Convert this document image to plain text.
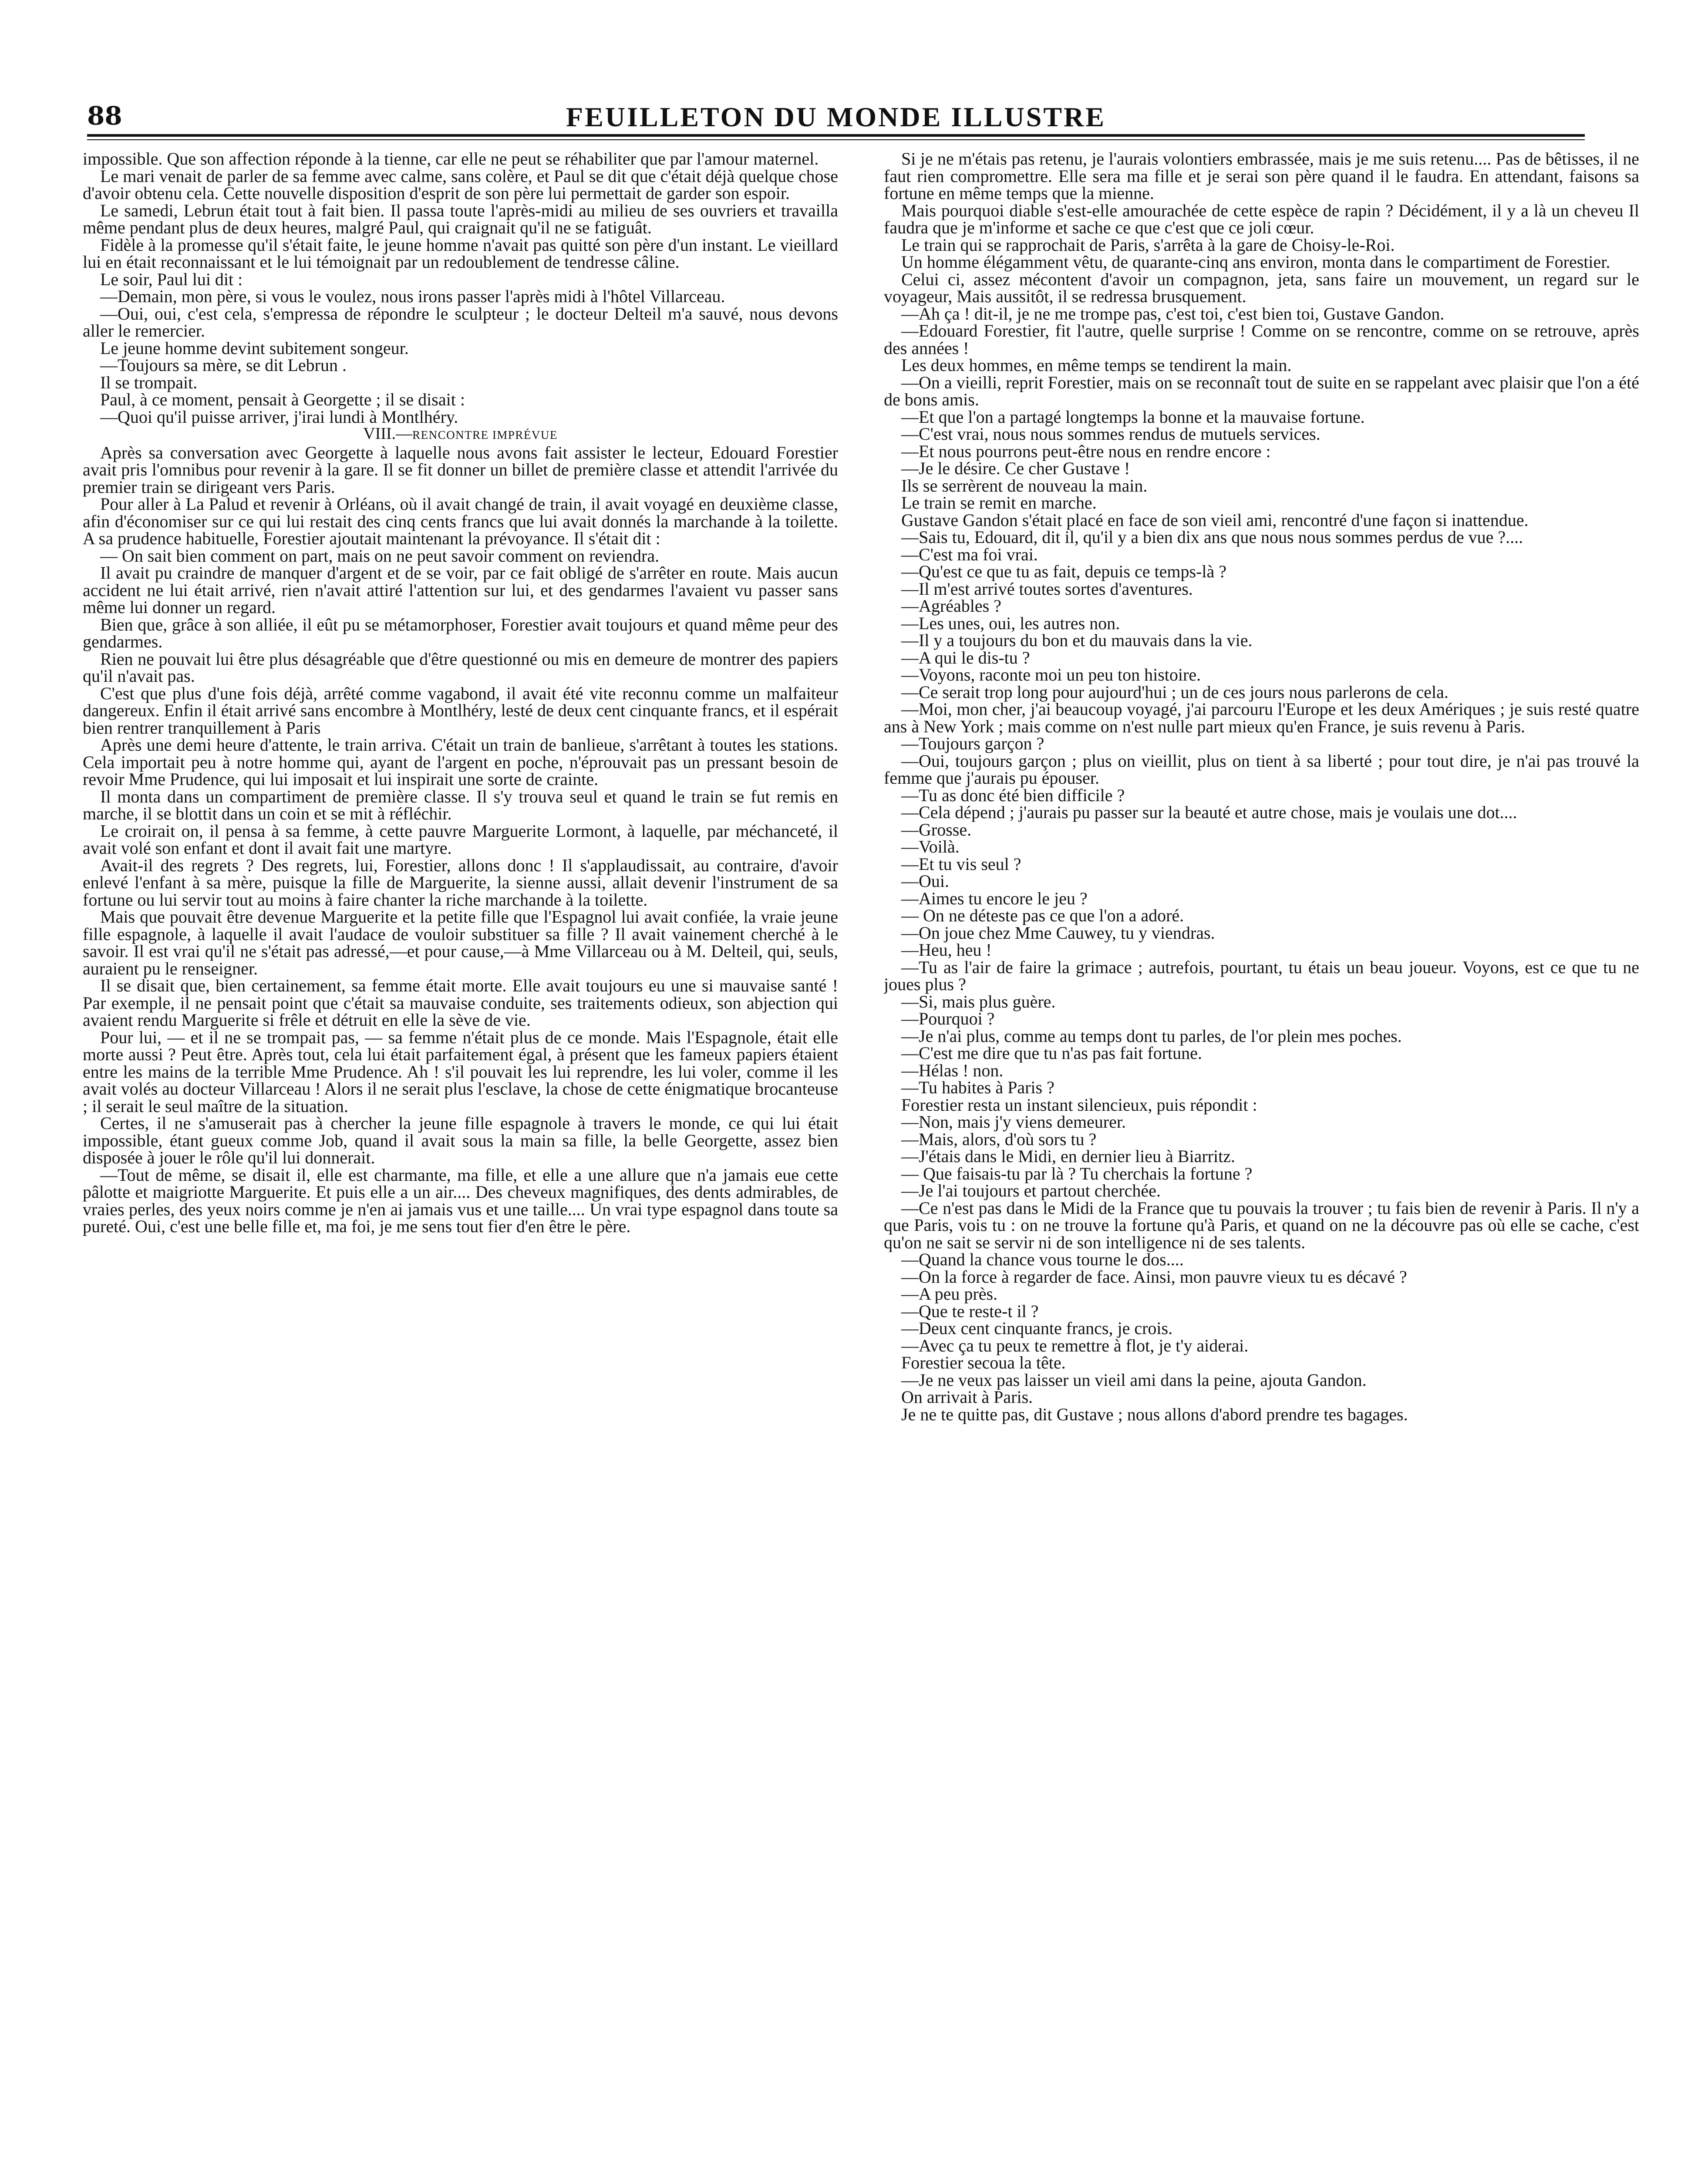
88	FEUILLETON DU MONDE ILLUSTRE

impossible. Que son affection réponde à la tienne, car elle ne peut se réhabiliter que par l'amour maternel.

Le mari venait de parler de sa femme avec calme, sans colère, et Paul se dit que c'était déjà quelque chose d'avoir obtenu cela. Cette nouvelle disposition d'esprit de son père lui permettait de garder son espoir.

Le samedi, Lebrun était tout à fait bien. Il passa toute l'après-midi au milieu de ses ouvriers et travailla même pendant plus de deux heures, malgré Paul, qui craignait qu'il ne se fatiguât.

Fidèle à la promesse qu'il s'était faite, le jeune homme n'avait pas quitté son père d'un instant. Le vieillard lui en était reconnaissant et le lui témoignait par un redoublement de tendresse câline.

Le soir, Paul lui dit :

—Demain, mon père, si vous le voulez, nous irons passer l'après midi à l'hôtel Villarceau.

—Oui, oui, c'est cela, s'empressa de répondre le sculpteur ; le docteur Delteil m'a sauvé, nous devons aller le remercier.

Le jeune homme devint subitement songeur.

—Toujours sa mère, se dit Lebrun .

Il se trompait.

Paul, à ce moment, pensait à Georgette ; il se disait :

—Quoi qu'il puisse arriver, j'irai lundi à Montlhéry.

VIII.—RENCONTRE IMPRÉVUE

Après sa conversation avec Georgette à laquelle nous avons fait assister le lecteur, Edouard Forestier avait pris l'omnibus pour revenir à la gare. Il se fit donner un billet de première classe et attendit l'arrivée du premier train se dirigeant vers Paris.

Pour aller à La Palud et revenir à Orléans, où il avait changé de train, il avait voyagé en deuxième classe, afin d'économiser sur ce qui lui restait des cinq cents francs que lui avait donnés la marchande à la toilette. A sa prudence habituelle, Forestier ajoutait maintenant la prévoyance. Il s'était dit :

— On sait bien comment on part, mais on ne peut savoir comment on reviendra.

Il avait pu craindre de manquer d'argent et de se voir, par ce fait obligé de s'arrêter en route. Mais aucun accident ne lui était arrivé, rien n'avait attiré l'attention sur lui, et des gendarmes l'avaient vu passer sans même lui donner un regard.

Bien que, grâce à son alliée, il eût pu se métamorphoser, Forestier avait toujours et quand même peur des gendarmes.

Rien ne pouvait lui être plus désagréable que d'être questionné ou mis en demeure de montrer des papiers qu'il n'avait pas.

C'est que plus d'une fois déjà, arrêté comme vagabond, il avait été vite reconnu comme un malfaiteur dangereux. Enfin il était arrivé sans encombre à Montlhéry, lesté de deux cent cinquante francs, et il espérait bien rentrer tranquillement à Paris

Après une demi heure d'attente, le train arriva. C'était un train de banlieue, s'arrêtant à toutes les stations. Cela importait peu à notre homme qui, ayant de l'argent en poche, n'éprouvait pas un pressant besoin de revoir Mme Prudence, qui lui imposait et lui inspirait une sorte de crainte.

Il monta dans un compartiment de première classe. Il s'y trouva seul et quand le train se fut remis en marche, il se blottit dans un coin et se mit à réfléchir.

Le croirait on, il pensa à sa femme, à cette pauvre Marguerite Lormont, à laquelle, par méchanceté, il avait volé son enfant et dont il avait fait une martyre.

Avait-il des regrets ? Des regrets, lui, Forestier, allons donc ! Il s'applaudissait, au contraire, d'avoir enlevé l'enfant à sa mère, puisque la fille de Marguerite, la sienne aussi, allait devenir l'instrument de sa fortune ou lui servir tout au moins à faire chanter la riche marchande à la toilette.

Mais que pouvait être devenue Marguerite et la petite fille que l'Espagnol lui avait confiée, la vraie jeune fille espagnole, à laquelle il avait l'audace de vouloir substituer sa fille ? Il avait vainement cherché à le savoir. Il est vrai qu'il ne s'était pas adressé,—et pour cause,—à Mme Villarceau ou à M. Delteil, qui, seuls, auraient pu le renseigner.

Il se disait que, bien certainement, sa femme était morte. Elle avait toujours eu une si mauvaise santé ! Par exemple, il ne pensait point que c'était sa mauvaise conduite, ses traitements odieux, son abjection qui avaient rendu Marguerite si frêle et détruit en elle la sève de vie.

Pour lui, — et il ne se trompait pas, — sa femme n'était plus de ce monde. Mais l'Espagnole, était elle morte aussi ? Peut être. Après tout, cela lui était parfaitement égal, à présent que les fameux papiers étaient entre les mains de la terrible Mme Prudence. Ah ! s'il pouvait les lui reprendre, les lui voler, comme il les avait volés au docteur Villarceau ! Alors il ne serait plus l'esclave, la chose de cette énigmatique brocanteuse ; il serait le seul maître de la situation.

Certes, il ne s'amuserait pas à chercher la jeune fille espagnole à travers le monde, ce qui lui était impossible, étant gueux comme Job, quand il avait sous la main sa fille, la belle Georgette, assez bien disposée à jouer le rôle qu'il lui donnerait.

—Tout de même, se disait il, elle est charmante, ma fille, et elle a une allure que n'a jamais eue cette pâlotte et maigriotte Marguerite. Et puis elle a un air.... Des cheveux magnifiques, des dents admirables, de vraies perles, des yeux noirs comme je n'en ai jamais vus et une taille.... Un vrai type espagnol dans toute sa pureté. Oui, c'est une belle fille et, ma foi, je me sens tout fier d'en être le père.

Si je ne m'étais pas retenu, je l'aurais volontiers embrassée, mais je me suis retenu.... Pas de bêtisses, il ne faut rien compromettre. Elle sera ma fille et je serai son père quand il le faudra. En attendant, faisons sa fortune en même temps que la mienne.

Mais pourquoi diable s'est-elle amourachée de cette espèce de rapin ? Décidément, il y a là un cheveu Il faudra que je m'informe et sache ce que c'est que ce joli cœur.

Le train qui se rapprochait de Paris, s'arrêta à la gare de Choisy-le-Roi.

Un homme élégamment vêtu, de quarante-cinq ans environ, monta dans le compartiment de Forestier.

Celui ci, assez mécontent d'avoir un compagnon, jeta, sans faire un mouvement, un regard sur le voyageur, Mais aussitôt, il se redressa brusquement.

—Ah ça ! dit-il, je ne me trompe pas, c'est toi, c'est bien toi, Gustave Gandon.

—Edouard Forestier, fit l'autre, quelle surprise ! Comme on se rencontre, comme on se retrouve, après des années !

Les deux hommes, en même temps se tendirent la main.

—On a vieilli, reprit Forestier, mais on se reconnaît tout de suite en se rappelant avec plaisir que l'on a été de bons amis.

—Et que l'on a partagé longtemps la bonne et la mauvaise fortune.

—C'est vrai, nous nous sommes rendus de mutuels services.

—Et nous pourrons peut-être nous en rendre encore :

—Je le désire. Ce cher Gustave !

Ils se serrèrent de nouveau la main.

Le train se remit en marche.

Gustave Gandon s'était placé en face de son vieil ami, rencontré d'une façon si inattendue.

—Sais tu, Edouard, dit il, qu'il y a bien dix ans que nous nous sommes perdus de vue ?....

—C'est ma foi vrai.

—Qu'est ce que tu as fait, depuis ce temps-là ?

—Il m'est arrivé toutes sortes d'aventures.

—Agréables ?

—Les unes, oui, les autres non.

—Il y a toujours du bon et du mauvais dans la vie.

—A qui le dis-tu ?

—Voyons, raconte moi un peu ton histoire.

—Ce serait trop long pour aujourd'hui ; un de ces jours nous parlerons de cela.

—Moi, mon cher, j'ai beaucoup voyagé, j'ai parcouru l'Europe et les deux Amériques ; je suis resté quatre ans à New York ; mais comme on n'est nulle part mieux qu'en France, je suis revenu à Paris.

—Toujours garçon ?

—Oui, toujours garçon ; plus on vieillit, plus on tient à sa liberté ; pour tout dire, je n'ai pas trouvé la femme que j'aurais pu épouser.

—Tu as donc été bien difficile ?

—Cela dépend ; j'aurais pu passer sur la beauté et autre chose, mais je voulais une dot....

—Grosse.

—Voilà.

—Et tu vis seul ?

—Oui.

—Aimes tu encore le jeu ?

— On ne déteste pas ce que l'on a adoré.

—On joue chez Mme Cauwey, tu y viendras.

—Heu, heu !

—Tu as l'air de faire la grimace ; autrefois, pourtant, tu étais un beau joueur. Voyons, est ce que tu ne joues plus ?

—Si, mais plus guère.

—Pourquoi ?

—Je n'ai plus, comme au temps dont tu parles, de l'or plein mes poches.

—C'est me dire que tu n'as pas fait fortune.

—Hélas ! non.

—Tu habites à Paris ?

Forestier resta un instant silencieux, puis répondit :

—Non, mais j'y viens demeurer.

—Mais, alors, d'où sors tu ?

—J'étais dans le Midi, en dernier lieu à Biarritz.

— Que faisais-tu par là ? Tu cherchais la fortune ?

—Je l'ai toujours et partout cherchée.

—Ce n'est pas dans le Midi de la France que tu pouvais la trouver ; tu fais bien de revenir à Paris. Il n'y a que Paris, vois tu : on ne trouve la fortune qu'à Paris, et quand on ne la découvre pas où elle se cache, c'est qu'on ne sait se servir ni de son intelligence ni de ses talents.

—Quand la chance vous tourne le dos....

—On la force à regarder de face. Ainsi, mon pauvre vieux tu es décavé ?

—A peu près.

—Que te reste-t il ?

—Deux cent cinquante francs, je crois.

—Avec ça tu peux te remettre à flot, je t'y aiderai.

Forestier secoua la tête.

—Je ne veux pas laisser un vieil ami dans la peine, ajouta Gandon.

On arrivait à Paris.

Je ne te quitte pas, dit Gustave ; nous allons d'abord prendre tes bagages.
